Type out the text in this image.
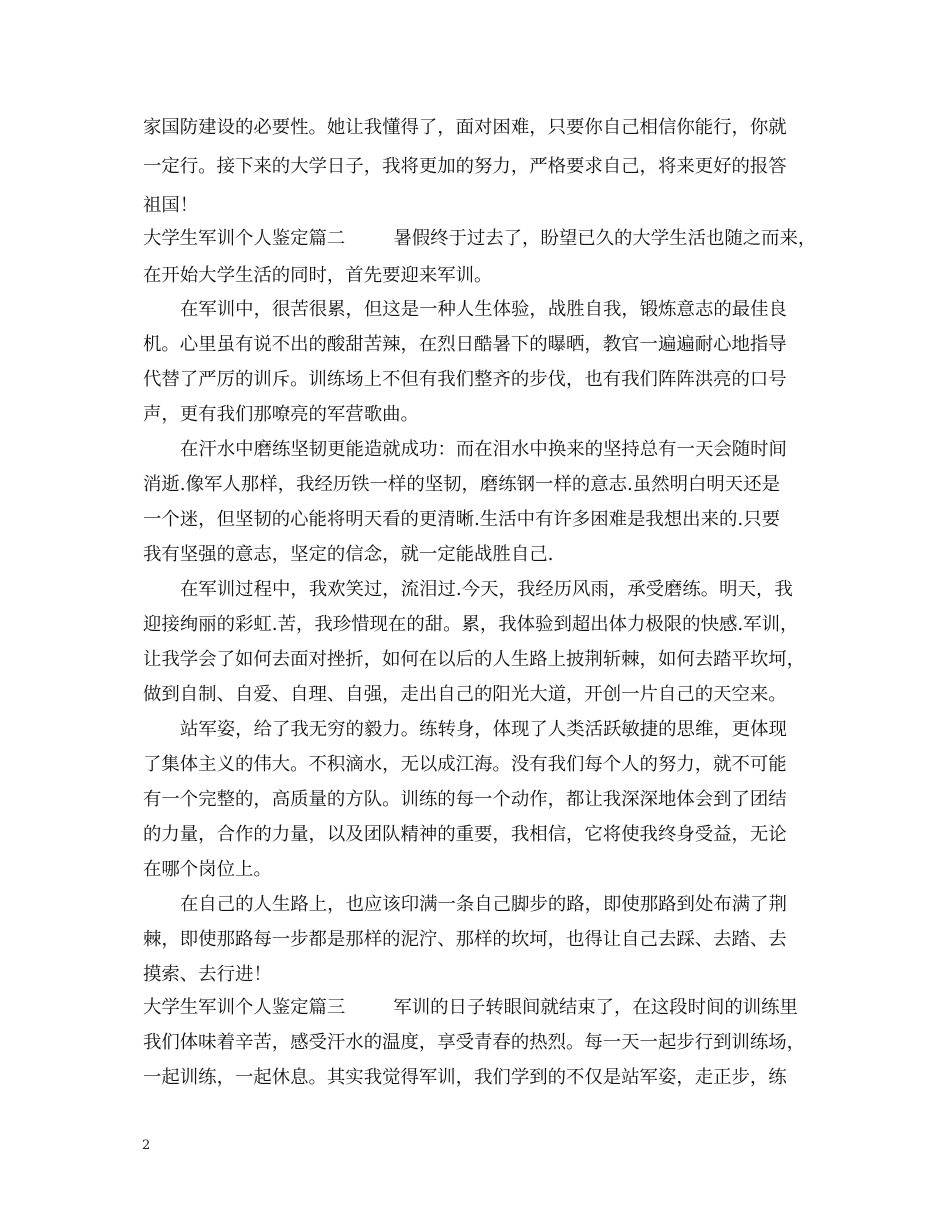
家国防建设的必要性。她让我懂得了，面对困难，只要你自己相信你能行，你就

一定行。接下来的大学日子，我将更加的努力，严格要求自己，将来更好的报答

祖国！

大学生军训个人鉴定篇二	暑假终于过去了，盼望已久的大学生活也随之而来，

在开始大学生活的同时，首先要迎来军训。

在军训中，很苦很累，但这是一种人生体验，战胜自我，锻炼意志的最佳良

机。心里虽有说不出的酸甜苦辣，在烈日酷暑下的曝晒，教官一遍遍耐心地指导

代替了严厉的训斥。训练场上不但有我们整齐的步伐，也有我们阵阵洪亮的口号

声，更有我们那嘹亮的军营歌曲。

在汗水中磨练坚韧更能造就成功：而在泪水中换来的坚持总有一天会随时间

消逝.像军人那样，我经历铁一样的坚韧，磨练钢一样的意志.虽然明白明天还是

一个迷，但坚韧的心能将明天看的更清晰.生活中有许多困难是我想出来的.只要

我有坚强的意志，坚定的信念，就一定能战胜自己.

在军训过程中，我欢笑过，流泪过.今天，我经历风雨，承受磨练。明天，我

迎接绚丽的彩虹.苦，我珍惜现在的甜。累，我体验到超出体力极限的快感.军训，

让我学会了如何去面对挫折，如何在以后的人生路上披荆斩棘，如何去踏平坎坷，

做到自制、自爱、自理、自强，走出自己的阳光大道，开创一片自己的天空来。

站军姿，给了我无穷的毅力。练转身，体现了人类活跃敏捷的思维，更体现

了集体主义的伟大。不积滴水，无以成江海。没有我们每个人的努力，就不可能

有一个完整的，高质量的方队。训练的每一个动作，都让我深深地体会到了团结

的力量，合作的力量，以及团队精神的重要，我相信，它将使我终身受益，无论

在哪个岗位上。

在自己的人生路上，也应该印满一条自己脚步的路，即使那路到处布满了荆

棘，即使那路每一步都是那样的泥泞、那样的坎坷，也得让自己去踩、去踏、去

摸索、去行进！

大学生军训个人鉴定篇三	军训的日子转眼间就结束了，在这段时间的训练里

我们体味着辛苦，感受汗水的温度，享受青春的热烈。每一天一起步行到训练场，

一起训练，一起休息。其实我觉得军训，我们学到的不仅是站军姿，走正步，练

2
